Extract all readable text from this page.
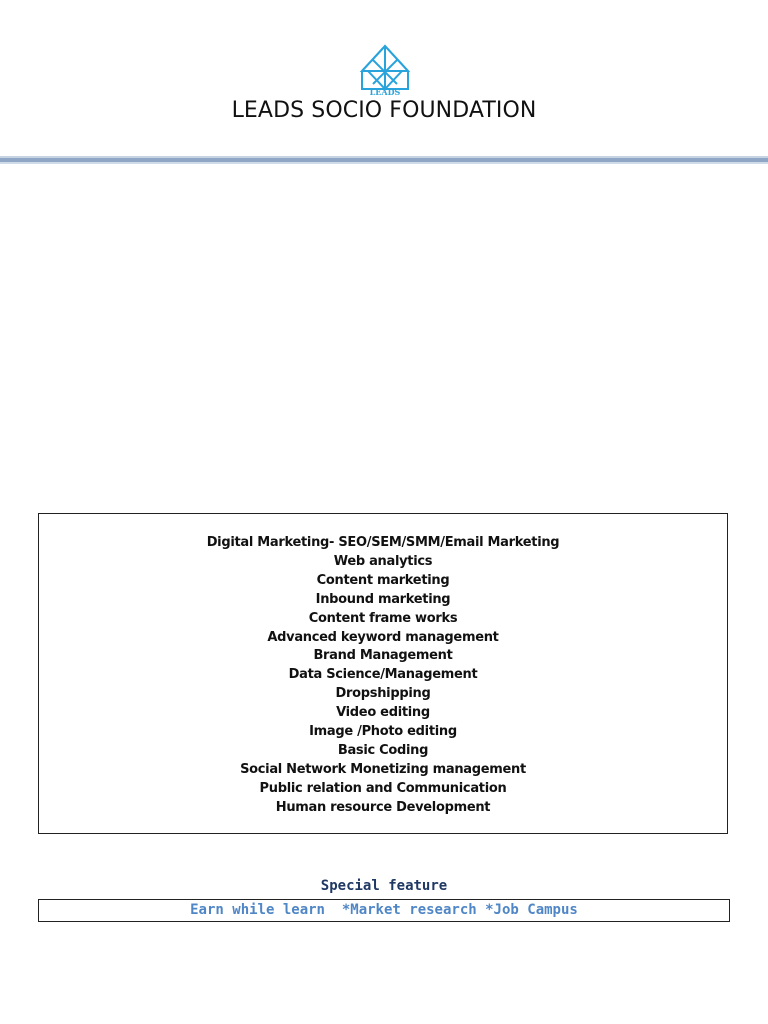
LEADS
LEADS SOCIO FOUNDATION
Digital Marketing- SEO/SEM/SMM/Email Marketing
Web analytics
Content marketing
Inbound marketing
Content frame works
Advanced keyword management
Brand Management
Data Science/Management
Dropshipping
Video editing
Image /Photo editing
Basic Coding
Social Network Monetizing management
Public relation and Communication
Human resource Development
Special feature
Earn while learn  *Market research *Job Campus
